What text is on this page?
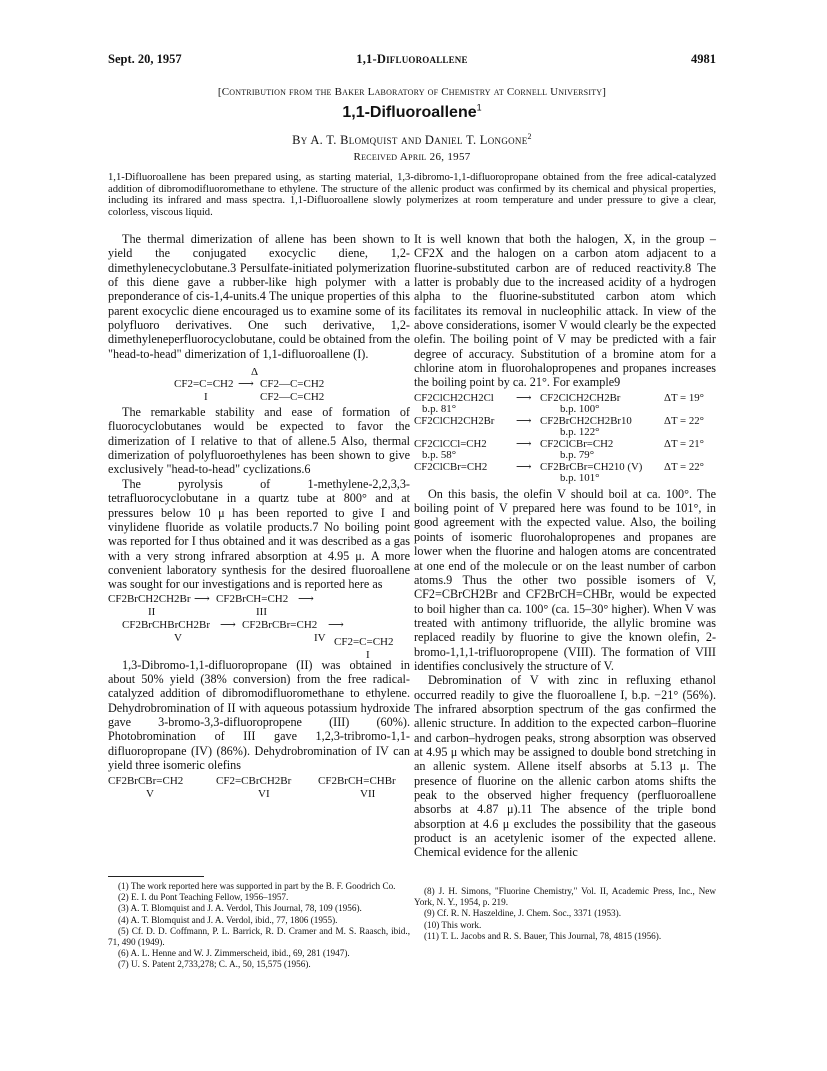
Sept. 20, 1957	1,1-Difluoroallene	4981
[Contribution from the Baker Laboratory of Chemistry at Cornell University]
1,1-Difluoroallene$^1$
By A. T. Blomquist and Daniel T. Longone$^2$
Received April 26, 1957
1,1-Difluoroallene has been prepared using, as starting material, 1,3-dibromo-1,1-difluoropropane obtained from the free adical-catalyzed addition of dibromodifluoromethane to ethylene. The structure of the allenic product was confirmed by its chemical and physical properties, including its infrared and mass spectra. 1,1-Difluoroallene slowly polymerizes at room temperature and under pressure to give a clear, colorless, viscous liquid.

The thermal dimerization of allene has been shown to yield the conjugated exocyclic diene, 1,2-dimethylenecyclobutane.3 Persulfate-initiated polymerization of this diene gave a rubber-like high polymer with a preponderance of cis-1,4-units.4 The unique properties of this parent exocyclic diene encouraged us to examine some of its polyfluoro derivatives. One such derivative, 1,2-dimethyleneperfluorocyclobutane, could be obtained from the "head-to-head" dimerization of 1,1-difluoroallene (I).

Δ
CF2=C=CH2 ⟶ CF2—C=CH2
I	CF2—C=CH2

The remarkable stability and ease of formation of fluorocyclobutanes would be expected to favor the dimerization of I relative to that of allene.5 Also, thermal dimerization of polyfluoroethylenes has been shown to give exclusively "head-to-head" cyclizations.6

The pyrolysis of 1-methylene-2,2,3,3-tetrafluorocyclobutane in a quartz tube at 800° and at pressures below 10 μ has been reported to give I and vinylidene fluoride as volatile products.7 No boiling point was reported for I thus obtained and it was described as a gas with a very strong infrared absorption at 4.95 μ. A more convenient laboratory synthesis for the desired fluoroallene was sought for our investigations and is reported here as

CF2BrCH2CH2Br ⟶ CF2BrCH=CH2 ⟶
II	III
CF2BrCHBrCH2Br ⟶ CF2BrCBr=CH2 ⟶
V	IV CF2=C=CH2
I

1,3-Dibromo-1,1-difluoropropane (II) was obtained in about 50% yield (38% conversion) from the free radical-catalyzed addition of dibromodifluoromethane to ethylene. Dehydrobromination of II with aqueous potassium hydroxide gave 3-bromo-3,3-difluoropropene (III) (60%). Photobromination of III gave 1,2,3-tribromo-1,1-difluoropropane (IV) (86%). Dehydrobromination of IV can yield three isomeric olefins

CF2BrCBr=CH2	CF2=CBrCH2Br CF2BrCH=CHBr
V	VI	VII

It is well known that both the halogen, X, in the group –CF2X and the halogen on a carbon atom adjacent to a fluorine-substituted carbon are of reduced reactivity.8 The latter is probably due to the increased acidity of a hydrogen alpha to the fluorine-substituted carbon atom which facilitates its removal in nucleophilic attack. In view of the above considerations, isomer V would clearly be the expected olefin. The boiling point of V may be predicted with a fair degree of accuracy. Substitution of a bromine atom for a chlorine atom in fluorohalopropenes and propanes increases the boiling point by ca. 21°. For example9

CF2ClCH2CH2Cl ⟶ CF2ClCH2CH2Br	ΔT = 19°
b.p. 81°	b.p. 100°
CF2ClCH2CH2Br ⟶ CF2BrCH2CH2Br10	ΔT = 22°
b.p. 122°
CF2ClCCl=CH2	⟶ CF2ClCBr=CH2	ΔT = 21°
b.p. 58°	b.p. 79°
CF2ClCBr=CH2	⟶ CF2BrCBr=CH210 (V) ΔT = 22°
b.p. 101°

On this basis, the olefin V should boil at ca. 100°. The boiling point of V prepared here was found to be 101°, in good agreement with the expected value. Also, the boiling points of isomeric fluorohalopropenes and propanes are lower when the fluorine and halogen atoms are concentrated at one end of the molecule or on the least number of carbon atoms.9 Thus the other two possible isomers of V, CF2=CBrCH2Br and CF2BrCH=CHBr, would be expected to boil higher than ca. 100° (ca. 15–30° higher). When V was treated with antimony trifluoride, the allylic bromine was replaced readily by fluorine to give the known olefin, 2-bromo-1,1,1-trifluoropropene (VIII). The formation of VIII identifies conclusively the structure of V.

Debromination of V with zinc in refluxing ethanol occurred readily to give the fluoroallene I, b.p. −21° (56%). The infrared absorption spectrum of the gas confirmed the allenic structure. In addition to the expected carbon–fluorine and carbon–hydrogen peaks, strong absorption was observed at 4.95 μ which may be assigned to double bond stretching in an allenic system. Allene itself absorbs at 5.13 μ. The presence of fluorine on the allenic carbon atoms shifts the peak to the observed higher frequency (perfluoroallene absorbs at 4.87 μ).11 The absence of the triple bond absorption at 4.6 μ excludes the possibility that the gaseous product is an acetylenic isomer of the expected allene. Chemical evidence for the allenic

(1) The work reported here was supported in part by the B. F. Goodrich Co.
(2) E. I. du Pont Teaching Fellow, 1956–1957.
(3) A. T. Blomquist and J. A. Verdol, This Journal, 78, 109 (1956).
(4) A. T. Blomquist and J. A. Verdol, ibid., 77, 1806 (1955).
(5) Cf. D. D. Coffmann, P. L. Barrick, R. D. Cramer and M. S. Raasch, ibid., 71, 490 (1949).
(6) A. L. Henne and W. J. Zimmerscheid, ibid., 69, 281 (1947).
(7) U. S. Patent 2,733,278; C. A., 50, 15,575 (1956).
(8) J. H. Simons, "Fluorine Chemistry," Vol. II, Academic Press, Inc., New York, N. Y., 1954, p. 219.
(9) Cf. R. N. Haszeldine, J. Chem. Soc., 3371 (1953).
(10) This work.
(11) T. L. Jacobs and R. S. Bauer, This Journal, 78, 4815 (1956).
